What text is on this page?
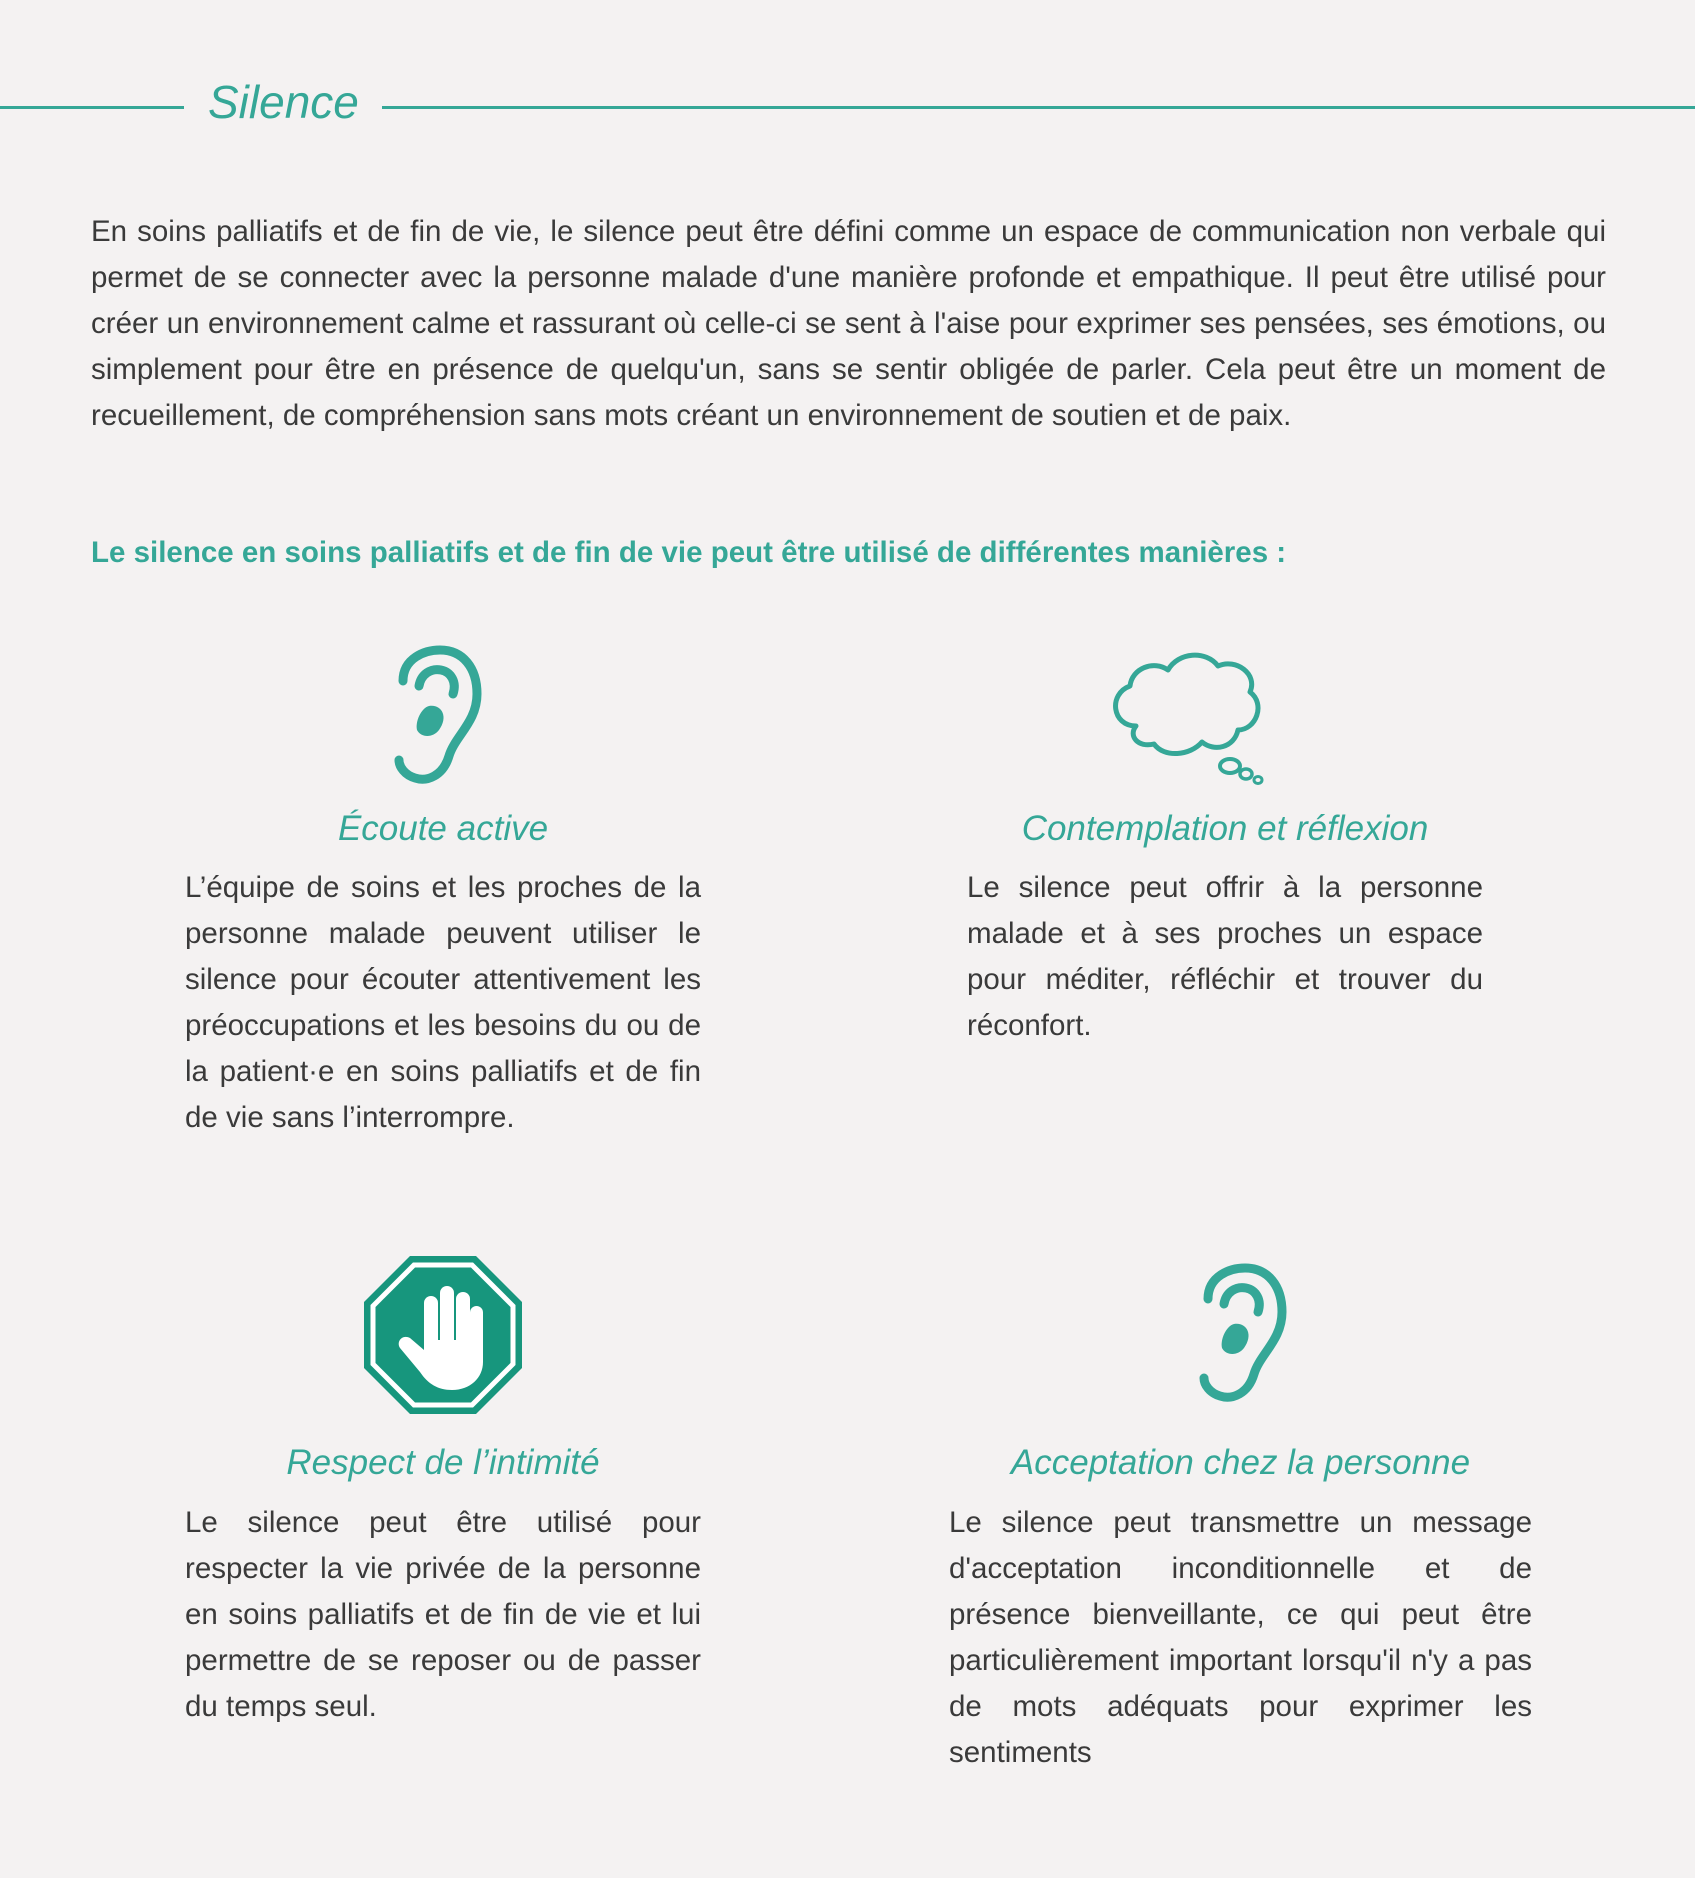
Silence

En soins palliatifs et de fin de vie, le silence peut être défini comme un espace de communication non verbale qui permet de se connecter avec la personne malade d'une manière profonde et empathique. Il peut être utilisé pour créer un environnement calme et rassurant où celle-ci se sent à l'aise pour exprimer ses pensées, ses émotions, ou simplement pour être en présence de quelqu'un, sans se sentir obligée de parler. Cela peut être un moment de recueillement, de compréhension sans mots créant un environnement de soutien et de paix.

Le silence en soins palliatifs et de fin de vie peut être utilisé de différentes manières :

Écoute active

L’équipe de soins et les proches de la personne malade peuvent utiliser le silence pour écouter attentivement les préoccupations et les besoins du ou de la patient·e en soins palliatifs et de fin de vie sans l’interrompre.

Contemplation et réflexion

Le silence peut offrir à la personne malade et à ses proches un espace pour méditer, réfléchir et trouver du réconfort.

Respect de l’intimité

Le silence peut être utilisé pour respecter la vie privée de la personne en soins palliatifs et de fin de vie et lui permettre de se reposer ou de passer du temps seul.

Acceptation chez la personne

Le silence peut transmettre un message d'acceptation inconditionnelle et de présence bienveillante, ce qui peut être particulièrement important lorsqu'il n'y a pas de mots adéquats pour exprimer les sentiments
